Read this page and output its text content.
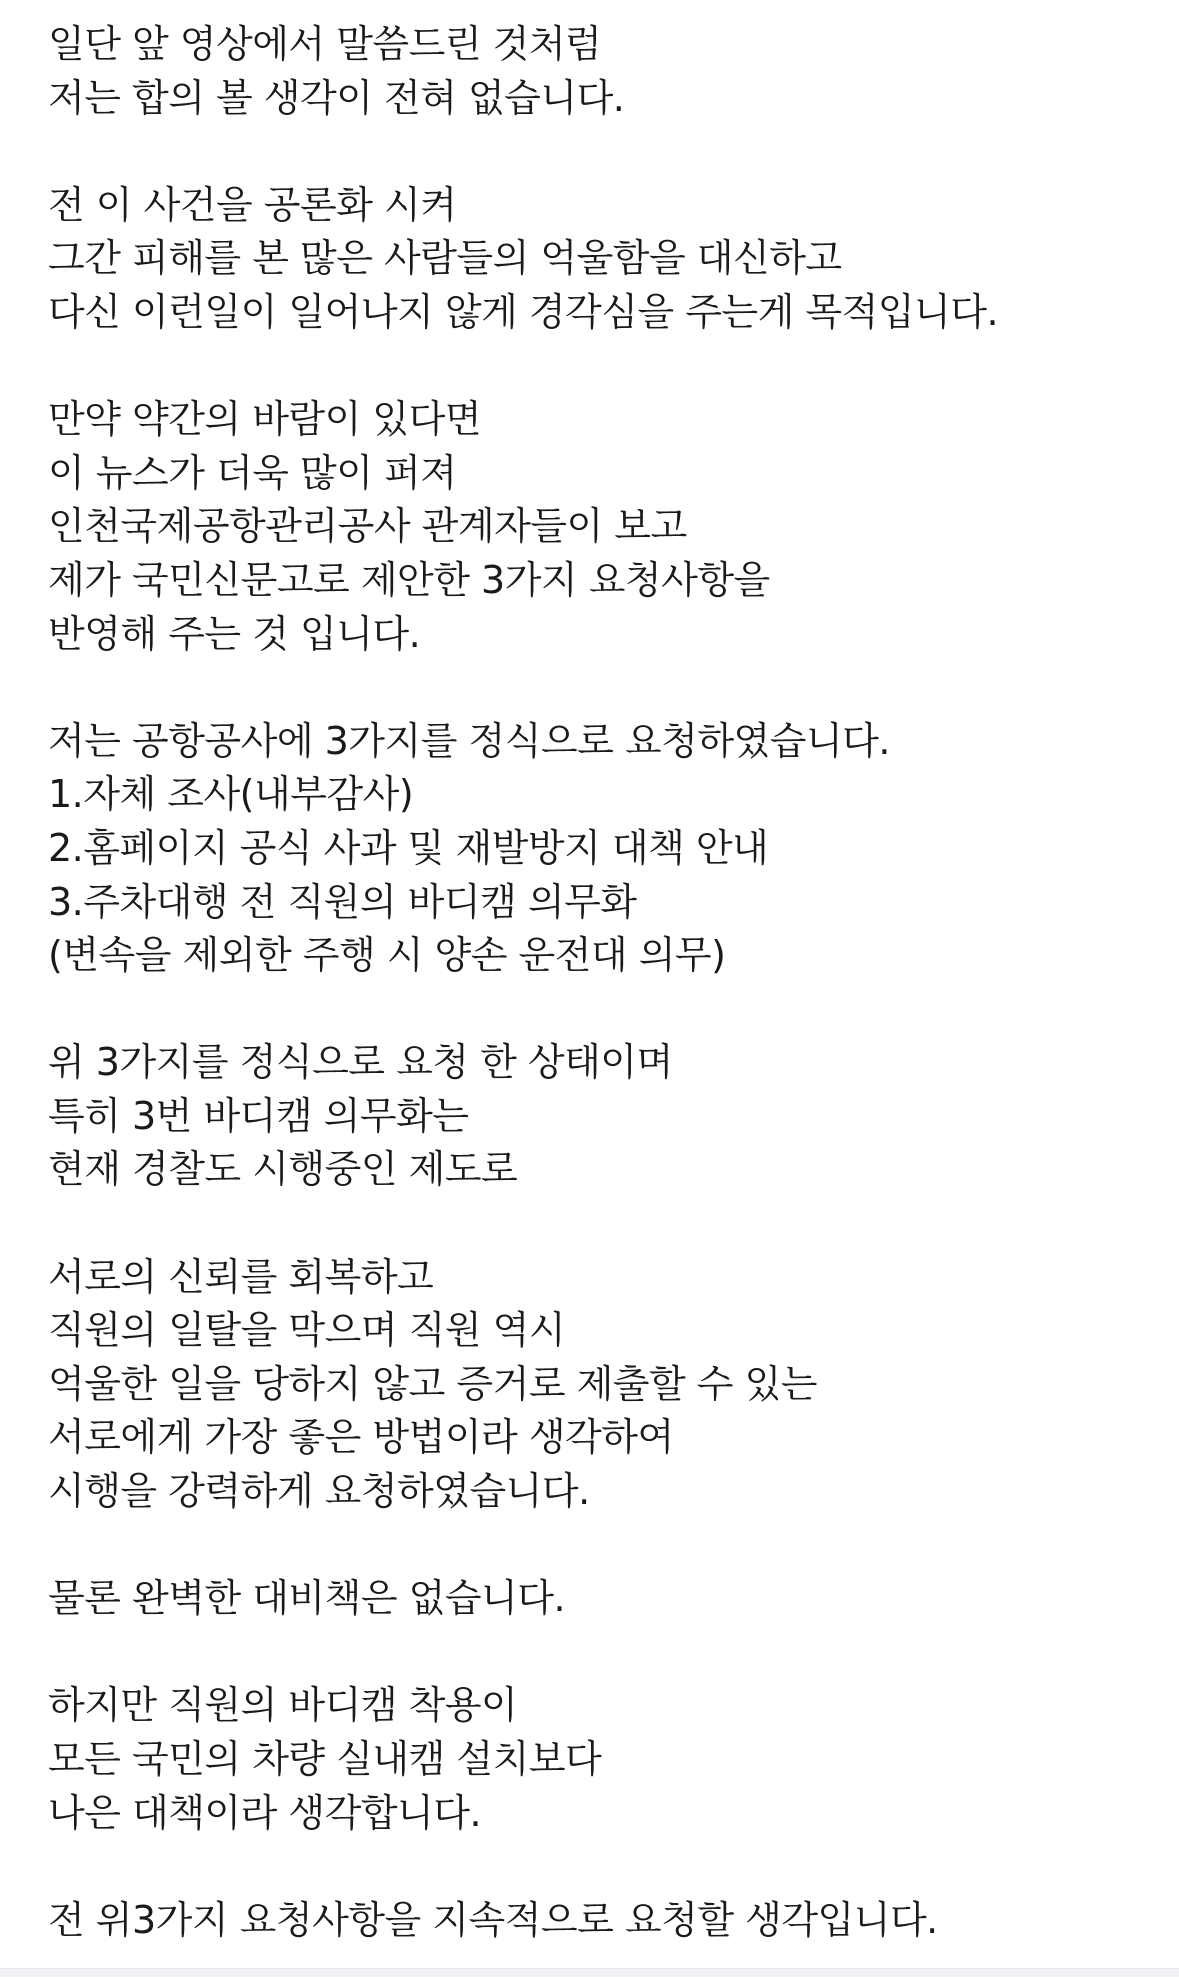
일단 앞 영상에서 말씀드린 것처럼
저는 합의 볼 생각이 전혀 없습니다.
전 이 사건을 공론화 시켜
그간 피해를 본 많은 사람들의 억울함을 대신하고
다신 이런일이 일어나지 않게 경각심을 주는게 목적입니다.
만약 약간의 바람이 있다면
이 뉴스가 더욱 많이 퍼져
인천국제공항관리공사 관계자들이 보고
제가 국민신문고로 제안한 3가지 요청사항을
반영해 주는 것 입니다.
저는 공항공사에 3가지를 정식으로 요청하였습니다.
1.자체 조사(내부감사)
2.홈페이지 공식 사과 및 재발방지 대책 안내
3.주차대행 전 직원의 바디캠 의무화
(변속을 제외한 주행 시 양손 운전대 의무)
위 3가지를 정식으로 요청 한 상태이며
특히 3번 바디캠 의무화는
현재 경찰도 시행중인 제도로
서로의 신뢰를 회복하고
직원의 일탈을 막으며 직원 역시
억울한 일을 당하지 않고 증거로 제출할 수 있는
서로에게 가장 좋은 방법이라 생각하여
시행을 강력하게 요청하였습니다.
물론 완벽한 대비책은 없습니다.
하지만 직원의 바디캠 착용이
모든 국민의 차량 실내캠 설치보다
나은 대책이라 생각합니다.
전 위3가지 요청사항을 지속적으로 요청할 생각입니다.
